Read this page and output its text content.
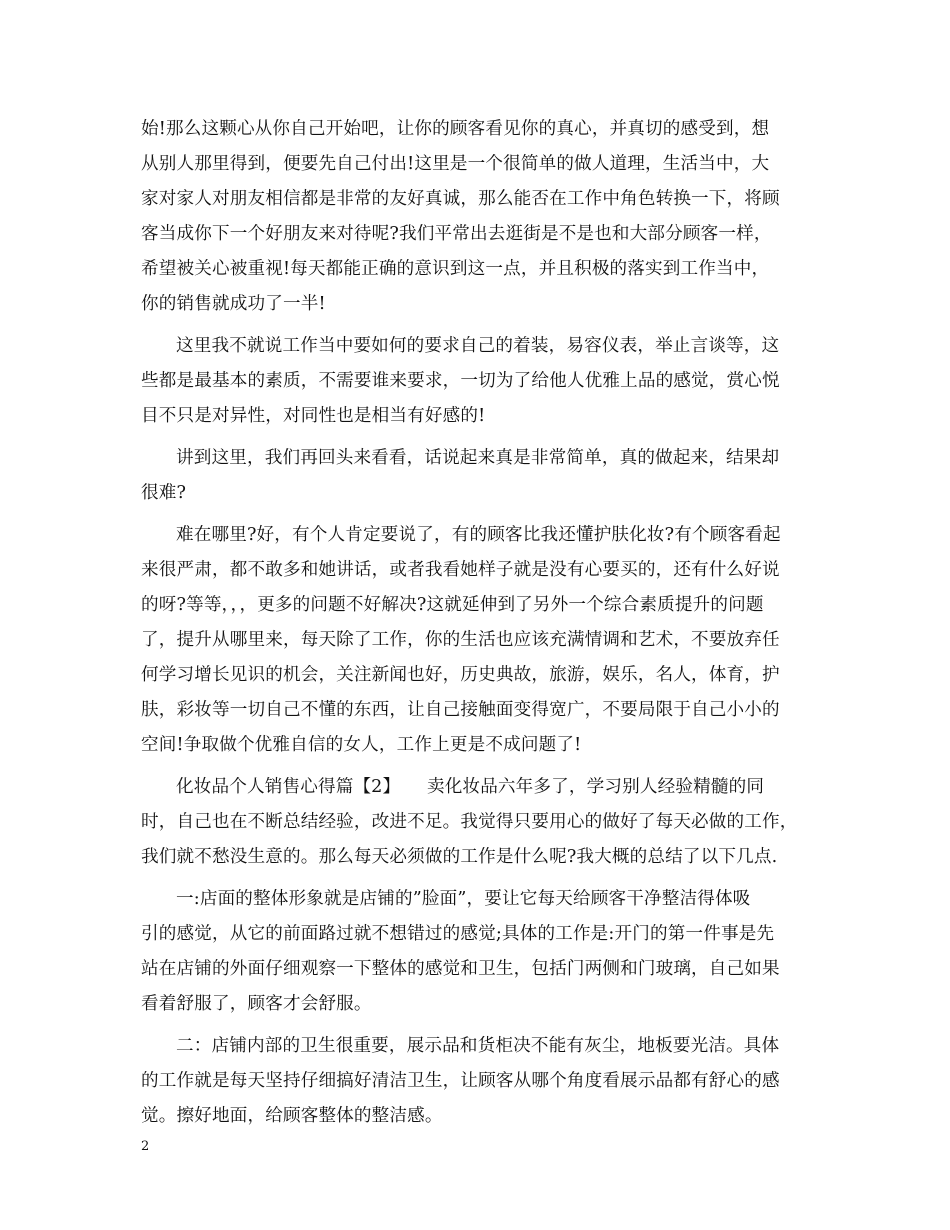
始!那么这颗心从你自己开始吧，让你的顾客看见你的真心，并真切的感受到，想
从别人那里得到，便要先自己付出!这里是一个很简单的做人道理，生活当中，大
家对家人对朋友相信都是非常的友好真诚，那么能否在工作中角色转换一下，将顾
客当成你下一个好朋友来对待呢?我们平常出去逛街是不是也和大部分顾客一样，
希望被关心被重视!每天都能正确的意识到这一点，并且积极的落实到工作当中，
你的销售就成功了一半!
这里我不就说工作当中要如何的要求自己的着装，易容仪表，举止言谈等，这
些都是最基本的素质，不需要谁来要求，一切为了给他人优雅上品的感觉，赏心悦
目不只是对异性，对同性也是相当有好感的!
讲到这里，我们再回头来看看，话说起来真是非常简单，真的做起来，结果却
很难?
难在哪里?好，有个人肯定要说了，有的顾客比我还懂护肤化妆?有个顾客看起
来很严肃，都不敢多和她讲话，或者我看她样子就是没有心要买的，还有什么好说
的呀?等等，，，更多的问题不好解决?这就延伸到了另外一个综合素质提升的问题
了，提升从哪里来，每天除了工作，你的生活也应该充满情调和艺术，不要放弃任
何学习增长见识的机会，关注新闻也好，历史典故，旅游，娱乐，名人，体育，护
肤，彩妆等一切自己不懂的东西，让自己接触面变得宽广，不要局限于自己小小的
空间!争取做个优雅自信的女人，工作上更是不成问题了!
化妆品个人销售心得篇【2】　　卖化妆品六年多了，学习别人经验精髓的同
时，自己也在不断总结经验，改进不足。我觉得只要用心的做好了每天必做的工作，
我们就不愁没生意的。那么每天必须做的工作是什么呢?我大概的总结了以下几点.
一:店面的整体形象就是店铺的”脸面”，要让它每天给顾客干净整洁得体吸
引的感觉，从它的前面路过就不想错过的感觉;具体的工作是:开门的第一件事是先
站在店铺的外面仔细观察一下整体的感觉和卫生，包括门两侧和门玻璃，自己如果
看着舒服了，顾客才会舒服。
二：店铺内部的卫生很重要，展示品和货柜决不能有灰尘，地板要光洁。具体
的工作就是每天坚持仔细搞好清洁卫生，让顾客从哪个角度看展示品都有舒心的感
觉。擦好地面，给顾客整体的整洁感。
2
